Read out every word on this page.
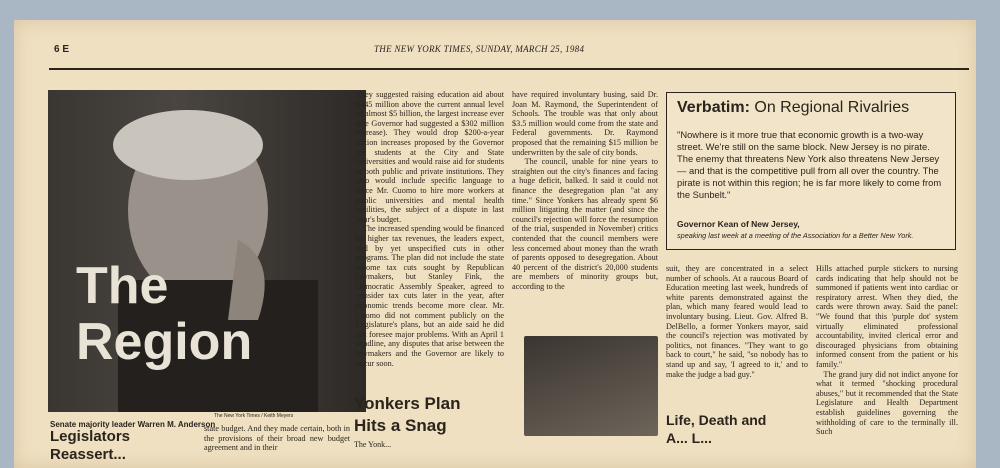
6 E	THE NEW YORK TIMES, SUNDAY, MARCH 25, 1984
The
Region
The New York Times / Keith Meyers
Senate majority leader Warren M. Anderson
They suggested raising education aid about $445 million above the current annual level of almost $5 billion, the largest increase ever (the Governor had suggested a $302 million increase). They would drop $200-a-year tuition increases proposed by the Governor for students at the City and State Universities and would raise aid for students at both public and private institutions. They also would include specific language to force Mr. Cuomo to hire more workers at public universities and mental health facilities, the subject of a dispute in last year's budget.
The increased spending would be financed by higher tax revenues, the leaders expect, and by yet unspecified cuts in other programs. The plan did not include the state income tax cuts sought by Republican lawmakers, but Stanley Fink, the Democratic Assembly Speaker, agreed to consider tax cuts later in the year, after economic trends become more clear. Mr. Cuomo did not comment publicly on the Legislature's plans, but an aide said he did not foresee major problems. With an April 1 deadline, any disputes that arise between the lawmakers and the Governor are likely to occur soon.
have required involuntary busing, said Dr. Joan M. Raymond, the Superintendent of Schools. The trouble was that only about $3.5 million would come from the state and Federal governments. Dr. Raymond proposed that the remaining $15 million be underwritten by the sale of city bonds.
The council, unable for nine years to straighten out the city's finances and facing a huge deficit, balked. It said it could not finance the desegregation plan "at any time." Since Yonkers has already spent $6 million litigating the matter (and since the council's rejection will force the resumption of the trial, suspended in November) critics contended that the council members were less concerned about money than the wrath of parents opposed to desegregation. About 40 percent of the district's 20,000 students are members of minority groups but, according to the
Verbatim: On Regional Rivalries
"Nowhere is it more true that economic growth is a two-way street. We're still on the same block. New Jersey is no pirate. The enemy that threatens New York also threatens New Jersey — and that is the competitive pull from all over the country. The pirate is not within this region; he is far more likely to come from the Sunbelt."
Governor Kean of New Jersey,
speaking last week at a meeting of the Association for a Better New York.
suit, they are concentrated in a select number of schools. At a raucous Board of Education meeting last week, hundreds of white parents demonstrated against the plan, which many feared would lead to involuntary busing. Lieut. Gov. Alfred B. DelBello, a former Yonkers mayor, said the council's rejection was motivated by politics, not finances. "They want to go back to court," he said, "so nobody has to stand up and say, 'I agreed to it,' and to make the judge a bad guy."
Hills attached purple stickers to nursing cards indicating that help should not be summoned if patients went into cardiac or respiratory arrest. When they died, the cards were thrown away. Said the panel: "We found that this 'purple dot' system virtually eliminated professional accountability, invited clerical error and discouraged physicians from obtaining informed consent from the patient or his family."
The grand jury did not indict anyone for what it termed "shocking procedural abuses," but it recommended that the State Legislature and Health Department establish guidelines governing the withholding of care to the terminally ill. Such
Yonkers Plan
Hits a Snag
The Yonk...
Legislators
Reassert...
state budget. And they made certain, both in the provisions of their broad new budget agreement and in their
Life, Death and
A... L...
